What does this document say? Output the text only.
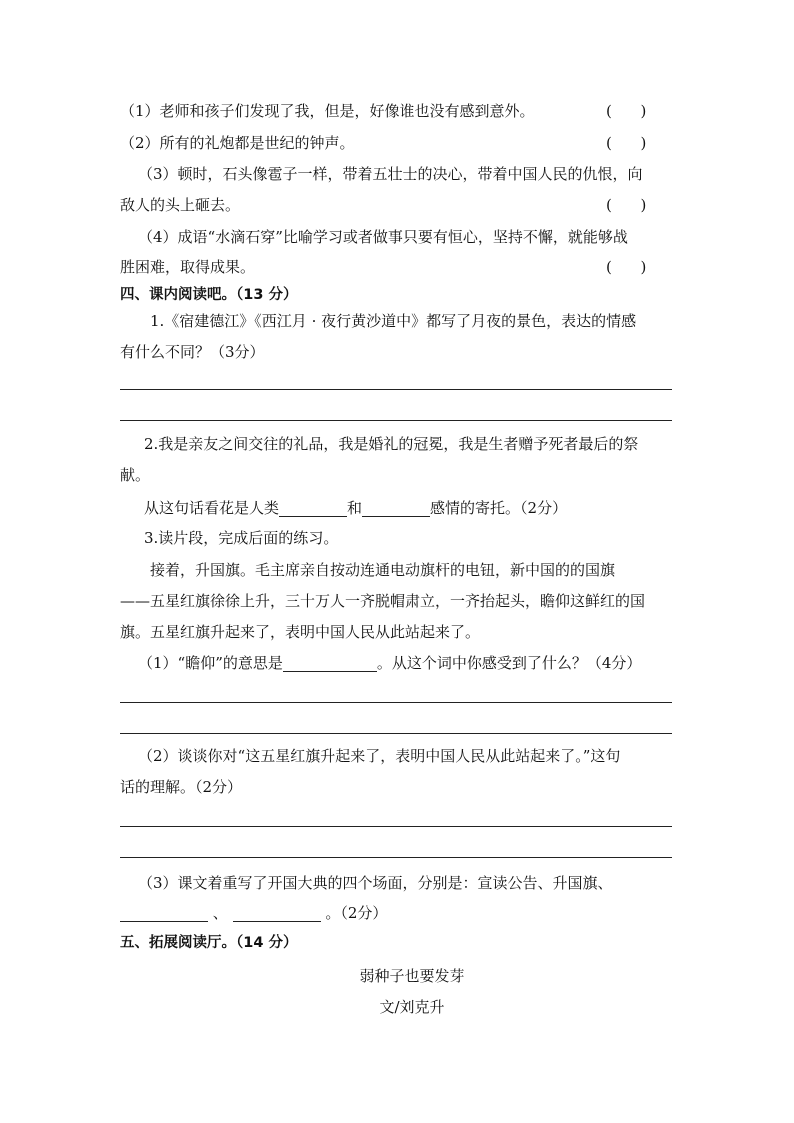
（1）老师和孩子们发现了我，但是，好像谁也没有感到意外。	(      )
（2）所有的礼炮都是世纪的钟声。	(      )
（3）顿时，石头像雹子一样，带着五壮士的决心，带着中国人民的仇恨，向
敌人的头上砸去。	(      )
（4）成语“水滴石穿”比喻学习或者做事只要有恒心，坚持不懈，就能够战
胜困难，取得成果。	(      )
四、课内阅读吧。（13 分）
1.《宿建德江》《西江月 · 夜行黄沙道中》都写了月夜的景色，表达的情感
有什么不同？（3分）
2.我是亲友之间交往的礼品，我是婚礼的冠冕，我是生者赠予死者最后的祭
献。
从这句话看花是人类	和	感情的寄托。（2分）
3.读片段，完成后面的练习。
接着，升国旗。毛主席亲自按动连通电动旗杆的电钮，新中国的的国旗
——五星红旗徐徐上升，三十万人一齐脱帽肃立，一齐抬起头，瞻仰这鲜红的国
旗。五星红旗升起来了，表明中国人民从此站起来了。
（1）“瞻仰”的意思是	。从这个词中你感受到了什么？（4分）
（2）谈谈你对“这五星红旗升起来了，表明中国人民从此站起来了。”这句
话的理解。（2分）
（3）课文着重写了开国大典的四个场面，分别是：宣读公告、升国旗、
、	。（2分）
五、拓展阅读厅。（14 分）
弱种子也要发芽
文/刘克升
